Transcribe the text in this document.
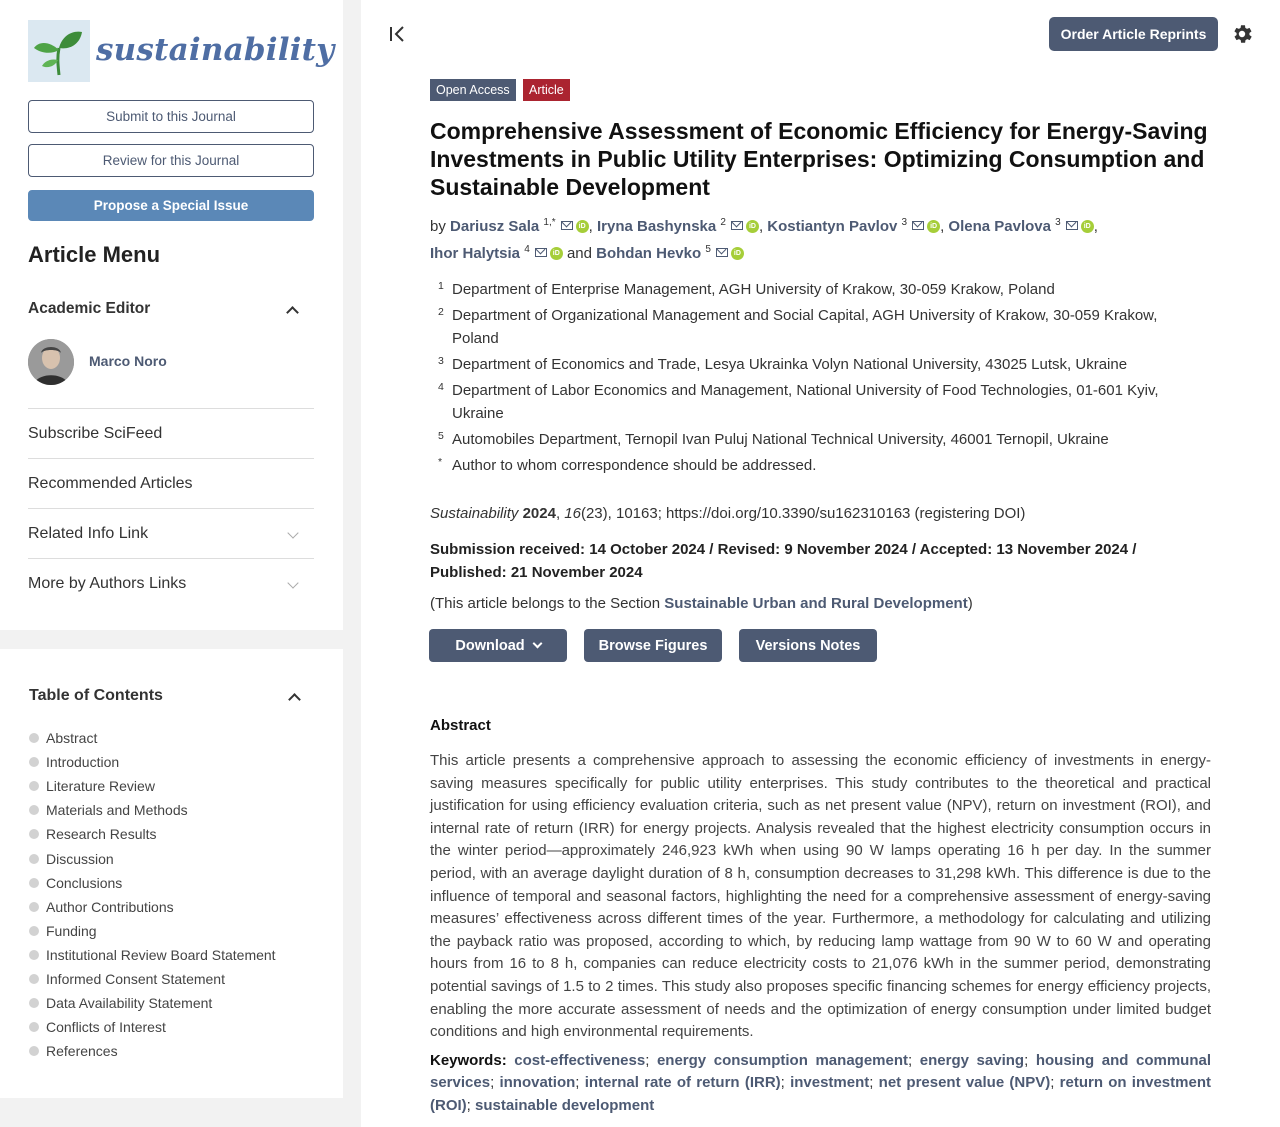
sustainability
Submit to this Journal
Review for this Journal
Propose a Special Issue
Article Menu
Academic Editor
Marco Noro
Subscribe SciFeed
Recommended Articles
Related Info Link
More by Authors Links
Table of Contents
Abstract
Introduction
Literature Review
Materials and Methods
Research Results
Discussion
Conclusions
Author Contributions
Funding
Institutional Review Board Statement
Informed Consent Statement
Data Availability Statement
Conflicts of Interest
References
Order Article Reprints
Open Access	Article
Comprehensive Assessment of Economic Efficiency for Energy-Saving Investments in Public Utility Enterprises: Optimizing Consumption and Sustainable Development
by Dariusz Sala $^{1,*}$	iD , Iryna Bashynska $^2$	iD , Kostiantyn Pavlov $^3$	iD , Olena Pavlova $^3$	iD ,
Ihor Halytsia $^4$	iD and Bohdan Hevko $^5$	iD
1 Department of Enterprise Management, AGH University of Krakow, 30-059 Krakow, Poland
2 Department of Organizational Management and Social Capital, AGH University of Krakow, 30-059 Krakow, Poland
3 Department of Economics and Trade, Lesya Ukrainka Volyn National University, 43025 Lutsk, Ukraine
4 Department of Labor Economics and Management, National University of Food Technologies, 01-601 Kyiv, Ukraine
5 Automobiles Department, Ternopil Ivan Puluj National Technical University, 46001 Ternopil, Ukraine
* Author to whom correspondence should be addressed.
Sustainability 2024, 16(23), 10163; https://doi.org/10.3390/su162310163 (registering DOI)
Submission received: 14 October 2024 / Revised: 9 November 2024 / Accepted: 13 November 2024 / Published: 21 November 2024
(This article belongs to the Section Sustainable Urban and Rural Development)
Download	Browse Figures	Versions Notes
Abstract

This article presents a comprehensive approach to assessing the economic efficiency of investments in energy-saving measures specifically for public utility enterprises. This study contributes to the theoretical and practical justification for using efficiency evaluation criteria, such as net present value (NPV), return on investment (ROI), and internal rate of return (IRR) for energy projects. Analysis revealed that the highest electricity consumption occurs in the winter period—approximately 246,923 kWh when using 90 W lamps operating 16 h per day. In the summer period, with an average daylight duration of 8 h, consumption decreases to 31,298 kWh. This difference is due to the influence of temporal and seasonal factors, highlighting the need for a comprehensive assessment of energy-saving measures’ effectiveness across different times of the year. Furthermore, a methodology for calculating and utilizing the payback ratio was proposed, according to which, by reducing lamp wattage from 90 W to 60 W and operating hours from 16 to 8 h, companies can reduce electricity costs to 21,076 kWh in the summer period, demonstrating potential savings of 1.5 to 2 times. This study also proposes specific financing schemes for energy efficiency projects, enabling the more accurate assessment of needs and the optimization of energy consumption under limited budget conditions and high environmental requirements.

Keywords: cost-effectiveness; energy consumption management; energy saving; housing and communal services; innovation; internal rate of return (IRR); investment; net present value (NPV); return on investment (ROI); sustainable development
